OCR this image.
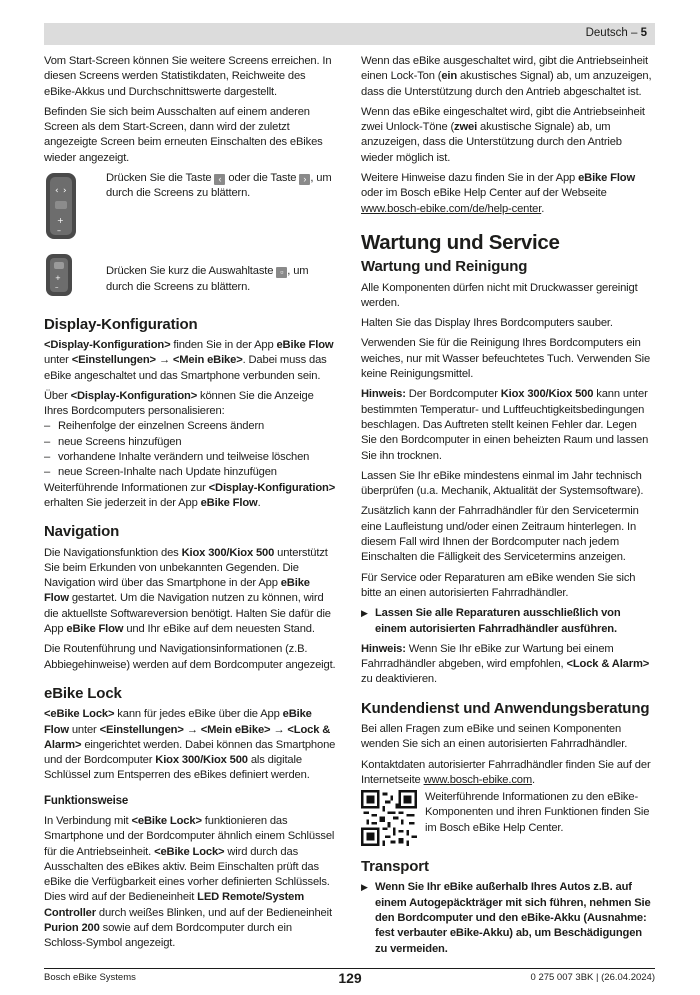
Deutsch – 5

Vom Start-Screen können Sie weitere Screens erreichen. In diesen Screens werden Statistikdaten, Reichweite des eBike-Akkus und Durchschnittswerte dargestellt.

Befinden Sie sich beim Ausschalten auf einem anderen Screen als dem Start-Screen, dann wird der zuletzt angezeigte Screen beim erneuten Einschalten des eBikes wieder angezeigt.

‹ ›
+
–
Drücken Sie die Taste ‹ oder die Taste › , um durch die Screens zu blättern.
+
–
Drücken Sie kurz die Auswahltaste ▫ , um durch die Screens zu blättern.
Display-Konfiguration

<Display-Konfiguration> finden Sie in der App eBike Flow unter <Einstellungen> → <Mein eBike>. Dabei muss das eBike angeschaltet und das Smartphone verbunden sein.

Über <Display-Konfiguration> können Sie die Anzeige Ihres Bordcomputers personalisieren:

– Reihenfolge der einzelnen Screens ändern
– neue Screens hinzufügen
– vorhandene Inhalte verändern und teilweise löschen
– neue Screen-Inhalte nach Update hinzufügen

Weiterführende Informationen zur <Display-Konfiguration> erhalten Sie jederzeit in der App eBike Flow.

Navigation

Die Navigationsfunktion des Kiox 300/Kiox 500 unterstützt Sie beim Erkunden von unbekannten Gegenden. Die Navigation wird über das Smartphone in der App eBike Flow gestartet. Um die Navigation nutzen zu können, wird die aktuellste Softwareversion benötigt. Halten Sie dafür die App eBike Flow und Ihr eBike auf dem neuesten Stand.

Die Routenführung und Navigationsinformationen (z.B. Abbiegehinweise) werden auf dem Bordcomputer angezeigt.

eBike Lock

<eBike Lock> kann für jedes eBike über die App eBike Flow unter <Einstellungen> → <Mein eBike> → <Lock & Alarm> eingerichtet werden. Dabei können das Smartphone und der Bordcomputer Kiox 300/Kiox 500 als digitale Schlüssel zum Entsperren des eBikes definiert werden.

Funktionsweise

In Verbindung mit <eBike Lock> funktionieren das Smartphone und der Bordcomputer ähnlich einem Schlüssel für die Antriebseinheit. <eBike Lock> wird durch das Ausschalten des eBikes aktiv. Beim Einschalten prüft das eBike die Verfügbarkeit eines vorher definierten Schlüssels. Dies wird auf der Bedieneinheit LED Remote/System Controller durch weißes Blinken, und auf der Bedieneinheit Purion 200 sowie auf dem Bordcomputer durch ein Schloss-Symbol angezeigt.

Wenn das eBike ausgeschaltet wird, gibt die Antriebseinheit einen Lock-Ton (ein akustisches Signal) ab, um anzuzeigen, dass die Unterstützung durch den Antrieb abgeschaltet ist.

Wenn das eBike eingeschaltet wird, gibt die Antriebseinheit zwei Unlock-Töne (zwei akustische Signale) ab, um anzuzeigen, dass die Unterstützung durch den Antrieb wieder möglich ist.

Weitere Hinweise dazu finden Sie in der App eBike Flow oder im Bosch eBike Help Center auf der Webseite www.bosch-ebike.com/de/help-center.

Wartung und Service
Wartung und Reinigung

Alle Komponenten dürfen nicht mit Druckwasser gereinigt werden.

Halten Sie das Display Ihres Bordcomputers sauber.

Verwenden Sie für die Reinigung Ihres Bordcomputers ein weiches, nur mit Wasser befeuchtetes Tuch. Verwenden Sie keine Reinigungsmittel.

Hinweis: Der Bordcomputer Kiox 300/Kiox 500 kann unter bestimmten Temperatur- und Luftfeuchtigkeitsbedingungen beschlagen. Das Auftreten stellt keinen Fehler dar. Legen Sie den Bordcomputer in einen beheizten Raum und lassen Sie ihn trocknen.

Lassen Sie Ihr eBike mindestens einmal im Jahr technisch überprüfen (u.a. Mechanik, Aktualität der Systemsoftware).

Zusätzlich kann der Fahrradhändler für den Servicetermin eine Laufleistung und/oder einen Zeitraum hinterlegen. In diesem Fall wird Ihnen der Bordcomputer nach jedem Einschalten die Fälligkeit des Servicetermins anzeigen.

Für Service oder Reparaturen am eBike wenden Sie sich bitte an einen autorisierten Fahrradhändler.

▶ Lassen Sie alle Reparaturen ausschließlich von einem autorisierten Fahrradhändler ausführen.

Hinweis: Wenn Sie Ihr eBike zur Wartung bei einem Fahrradhändler abgeben, wird empfohlen, <Lock & Alarm> zu deaktivieren.

Kundendienst und Anwendungsberatung

Bei allen Fragen zum eBike und seinen Komponenten wenden Sie sich an einen autorisierten Fahrradhändler.

Kontaktdaten autorisierter Fahrradhändler finden Sie auf der Internetseite www.bosch-ebike.com.

Weiterführende Informationen zu den eBike-Komponenten und ihren Funktionen finden Sie im Bosch eBike Help Center.
Transport
▶ Wenn Sie Ihr eBike außerhalb Ihres Autos z.B. auf einem Autogepäckträger mit sich führen, nehmen Sie den Bordcomputer und den eBike-Akku (Ausnahme: fest verbauter eBike-Akku) ab, um Beschädigungen zu vermeiden.
Bosch eBike Systems	129	0 275 007 3BK | (26.04.2024)
